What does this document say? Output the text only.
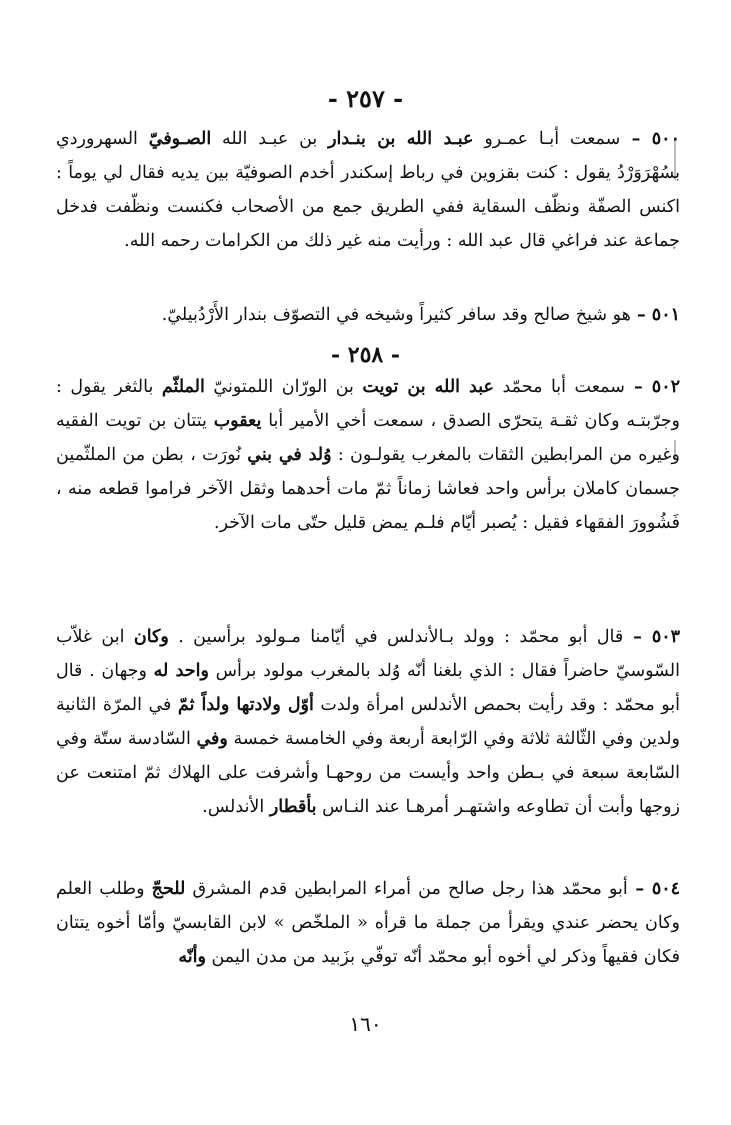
- ٢٥٧ -

٥٠٠ – سمعت أبـا عمـرو عبـد الله بن بنـدار بن عبـد الله الصـوفيّ السهروردي بسُهْرَوَرْدُ يقول : كنت بقزوين في رباط إسكندر أخدم الصوفيّة بين يديه فقال لي يوماً : اكنس الصفّة ونظّف السقاية ففي الطريق جمع من الأصحاب فكنست ونظّفت فدخل جماعة عند فراغي قال عبد الله : ورأيت منه غير ذلك من الكرامات رحمه الله.

٥٠١ – هو شيخ صالح وقد سافر كثيراً وشيخه في التصوّف بندار الأَرْدُبيليّ.

- ٢٥٨ -

٥٠٢ – سمعت أبا محمّد عبد الله بن تويت بن الورّان اللمتونيّ الملثّم بالثغر يقول : وجرّبتـه وكان ثقـة يتحرّى الصدق ، سمعت أخي الأمير أبا يعقوب يتتان بن تويت الفقيه وغيره من المرابطين الثقات بالمغرب يقولـون : وُلد في بني نُورَت ، بطن من الملثّمين جسمان كاملان برأس واحد فعاشا زماناً ثمّ مات أحدهما وثقل الآخر فراموا قطعه منه ، فَشُوورَ الفقهاء فقيل : يُصبر أيّام فلـم يمض قليل حتّى مات الآخر.

٥٠٣ – قال أبو محمّد : وولد بـالأندلس في أيّامنا مـولود برأسين . وكان ابن غلاّب السّوسيّ حاضراً فقال : الذي بلغنا أنّه وُلد بالمغرب مولود برأس واحد له وجهان . قال أبو محمّد : وقد رأيت بحمص الأندلس امرأة ولدت أوّل ولادتها ولداً ثمّ في المرّة الثانية ولدين وفي الثّالثة ثلاثة وفي الرّابعة أربعة وفي الخامسة خمسة وفي السّادسة ستّة وفي السّابعة سبعة في بـطن واحد وأيست من روحهـا وأشرفت على الهلاك ثمّ امتنعت عن زوجها وأبت أن تطاوعه واشتهـر أمرهـا عند النـاس بأقطار الأندلس.

٥٠٤ – أبو محمّد هذا رجل صالح من أمراء المرابطين قدم المشرق للحجّ وطلب العلم وكان يحضر عندي ويقرأ من جملة ما قرأه « الملخّص » لابن القابسيّ وأمّا أخوه يتتان فكان فقيهاً وذكر لي أخوه أبو محمّد أنّه توفّي بزَبيد من مدن اليمن وأنّه

١٦٠
